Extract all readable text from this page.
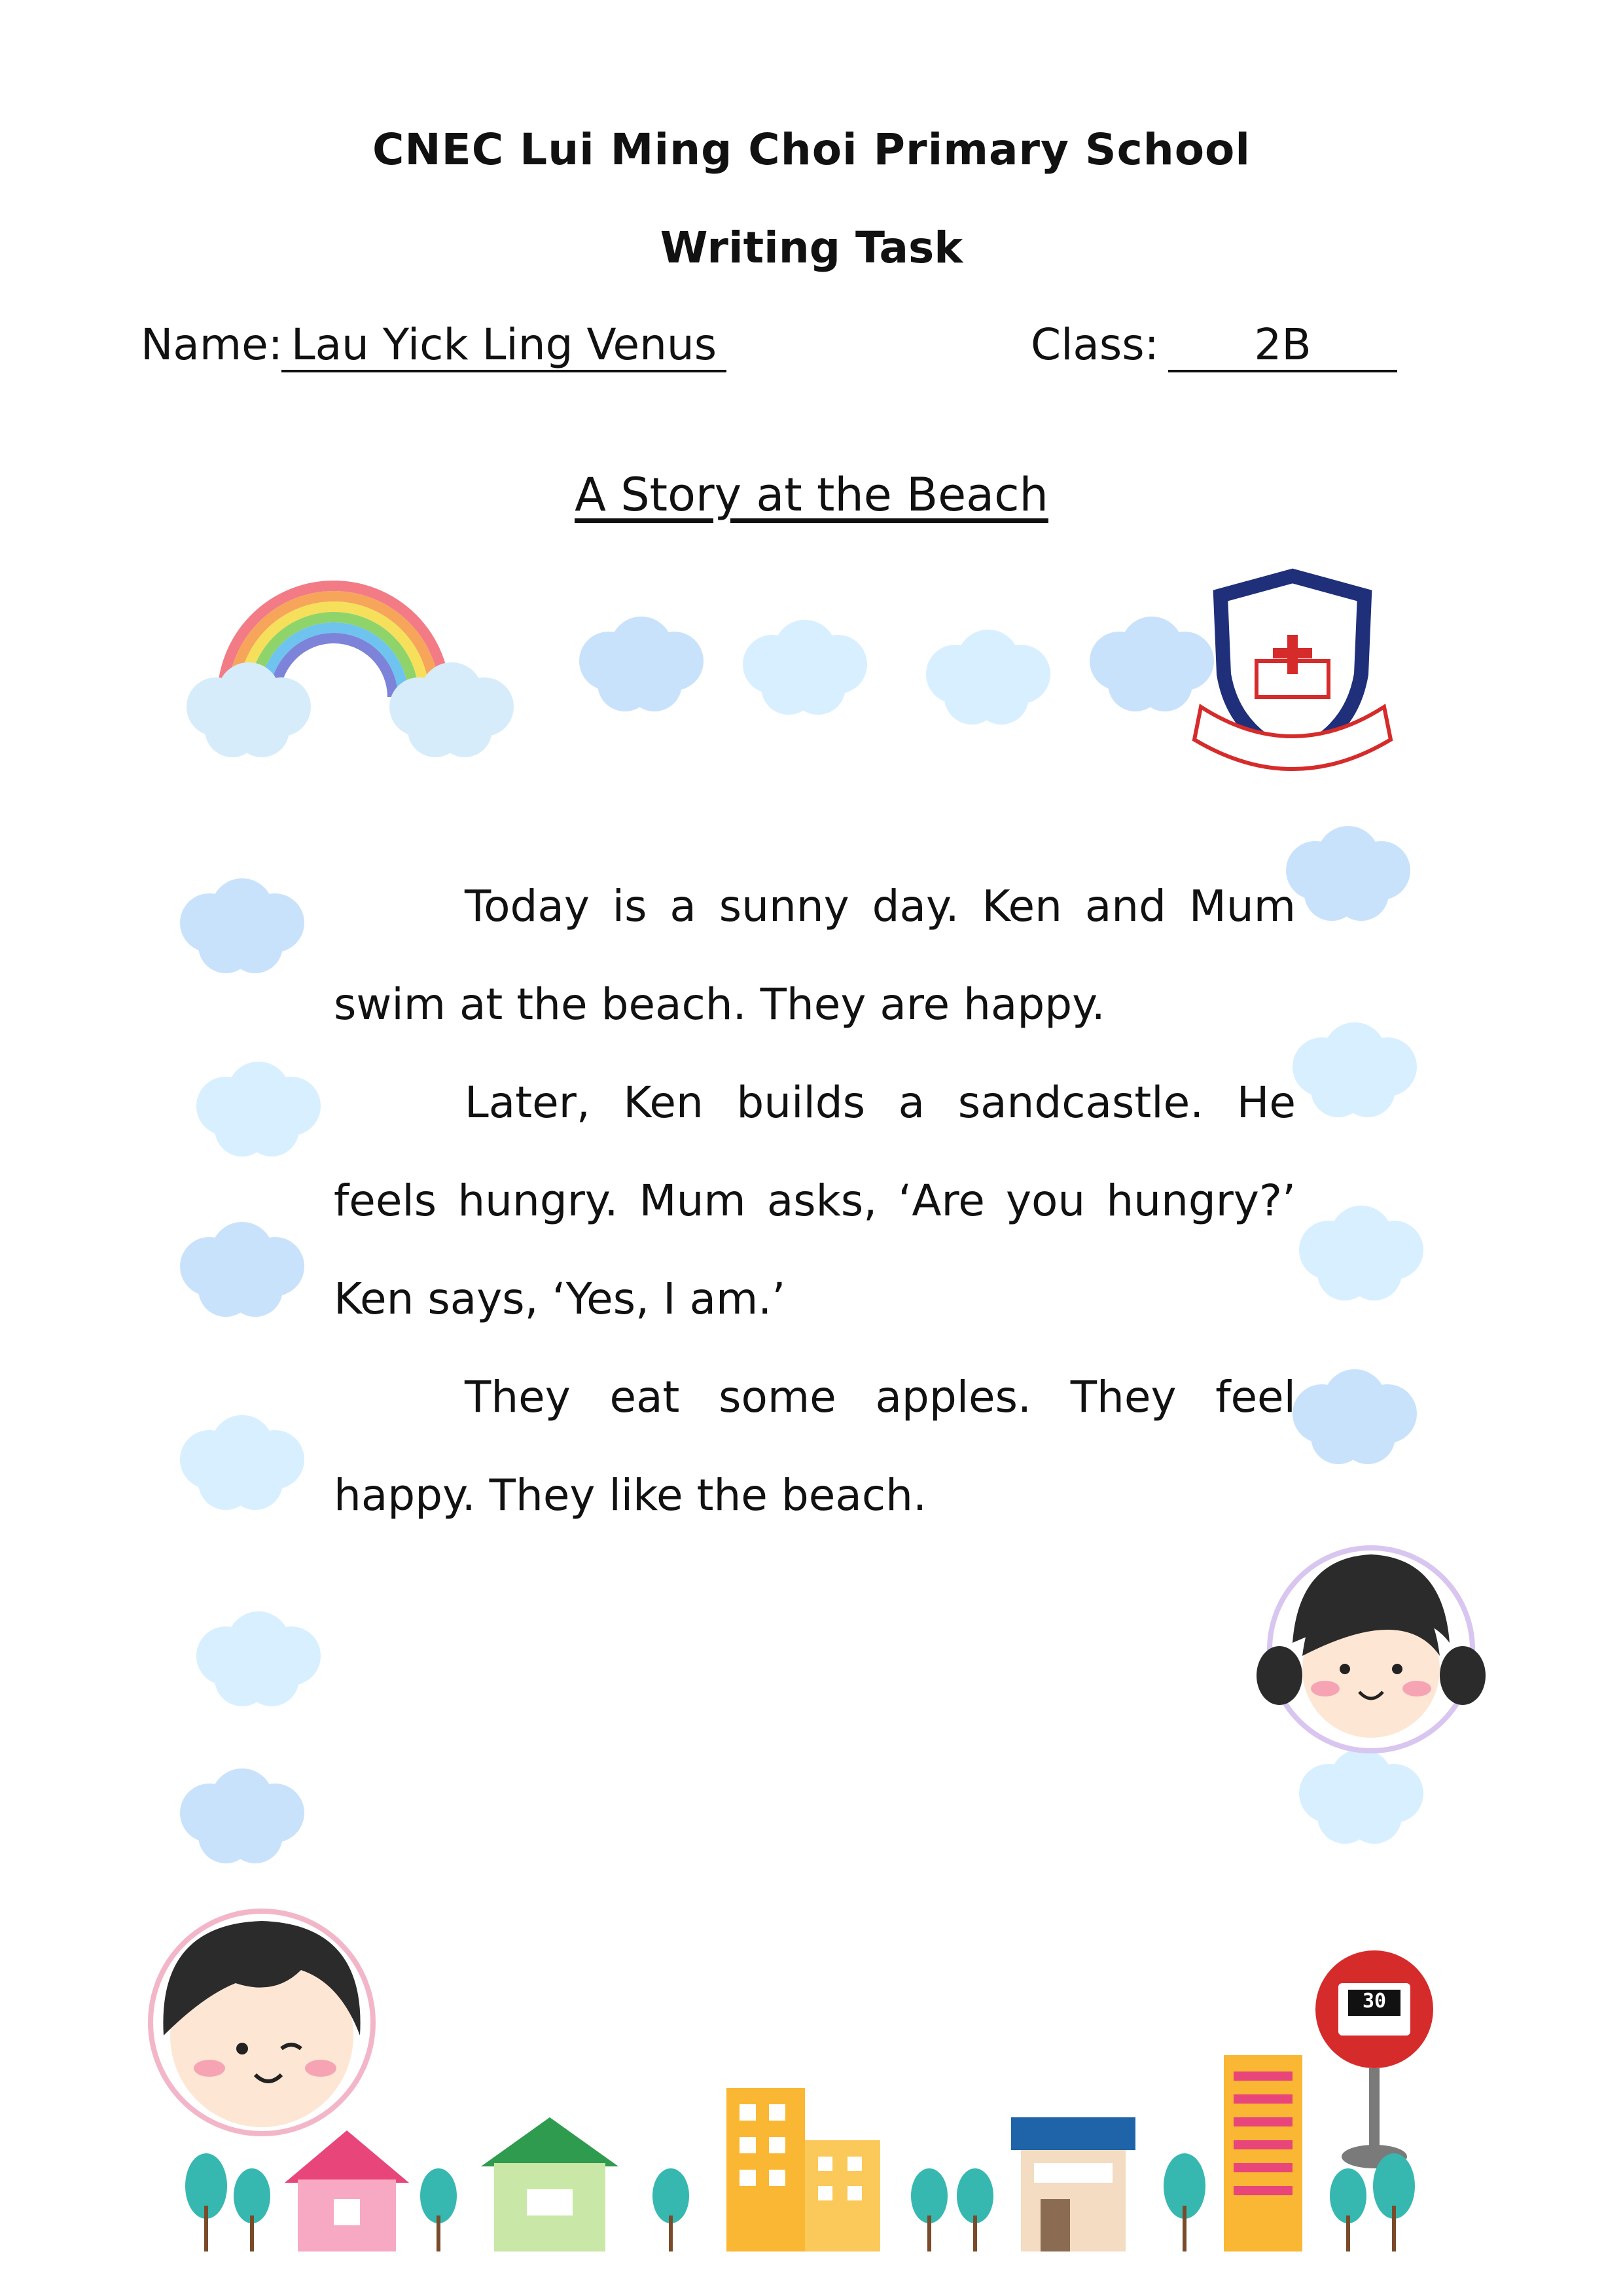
CNEC Lui Ming Choi Primary School
Writing Task
Name: Lau Yick Ling Venus	Class:	2B
A Story at the Beach
30

Today is a sunny day. Ken and Mum swim at the beach. They are happy.

Later, Ken builds a sandcastle. He feels hungry. Mum asks, ‘Are you hungry?’ Ken says, ‘Yes, I am.’

They eat some apples. They feel happy. They like the beach.
